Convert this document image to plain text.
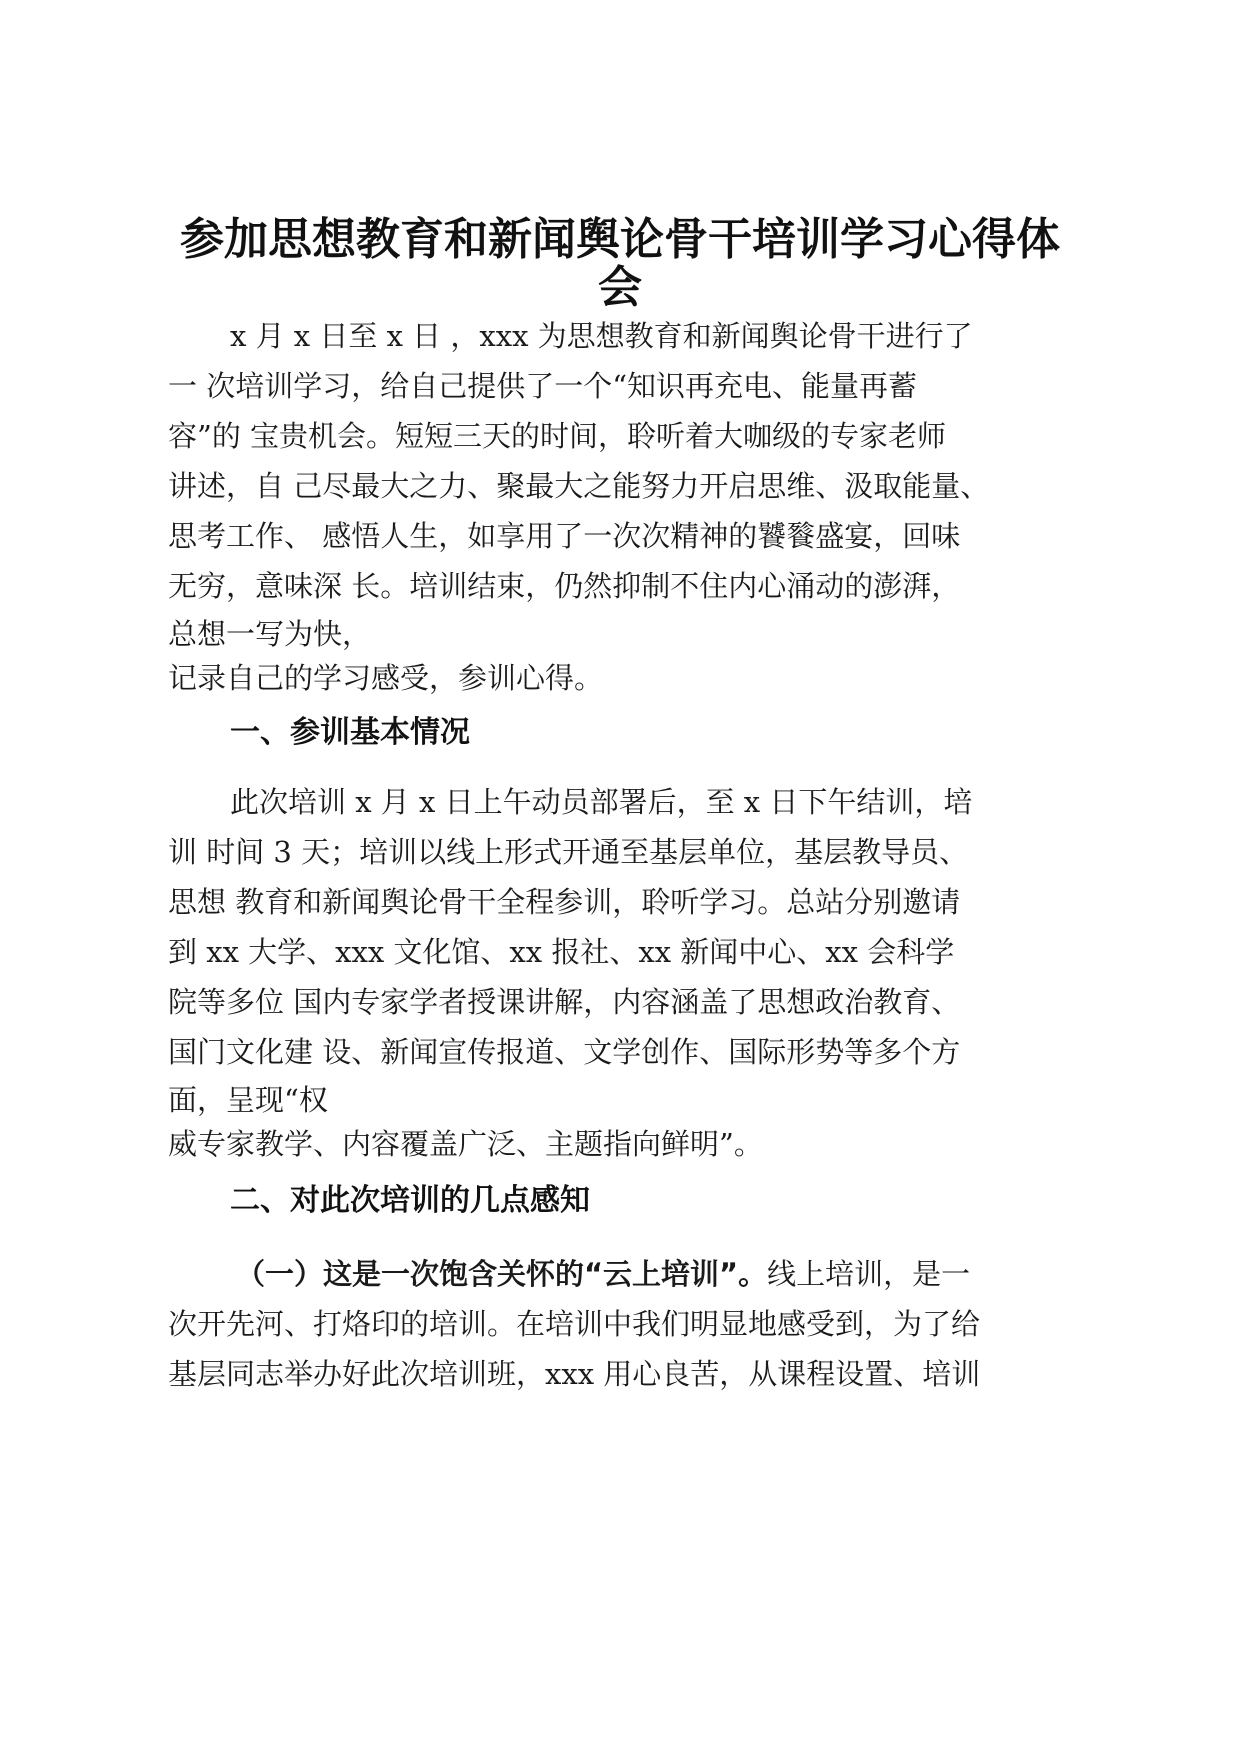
参加思想教育和新闻舆论骨干培训学习心得体
会
x 月 x 日至 x 日 ，xxx 为思想教育和新闻舆论骨干进行了
一 次培训学习，给自己提供了一个“知识再充电、能量再蓄
容”的 宝贵机会。短短三天的时间，聆听着大咖级的专家老师
讲述，自 己尽最大之力、聚最大之能努力开启思维、汲取能量、
思考工作、 感悟人生，如享用了一次次精神的饕餮盛宴，回味
无穷，意味深 长。培训结束，仍然抑制不住内心涌动的澎湃，
总想一写为快，
记录自己的学习感受，参训心得。
一、参训基本情况
此次培训 x 月 x 日上午动员部署后，至 x 日下午结训，培
训 时间 3 天；培训以线上形式开通至基层单位，基层教导员、
思想 教育和新闻舆论骨干全程参训，聆听学习。总站分别邀请
到 xx 大学、xxx 文化馆、xx 报社、xx 新闻中心、xx 会科学
院等多位 国内专家学者授课讲解，内容涵盖了思想政治教育、
国门文化建 设、新闻宣传报道、文学创作、国际形势等多个方
面，呈现“权
威专家教学、内容覆盖广泛、主题指向鲜明”。
二、对此次培训的几点感知
（一）这是一次饱含关怀的“云上培训”。线上培训，是一
次开先河、打烙印的培训。在培训中我们明显地感受到，为了给
基层同志举办好此次培训班，xxx 用心良苦，从课程设置、培训
